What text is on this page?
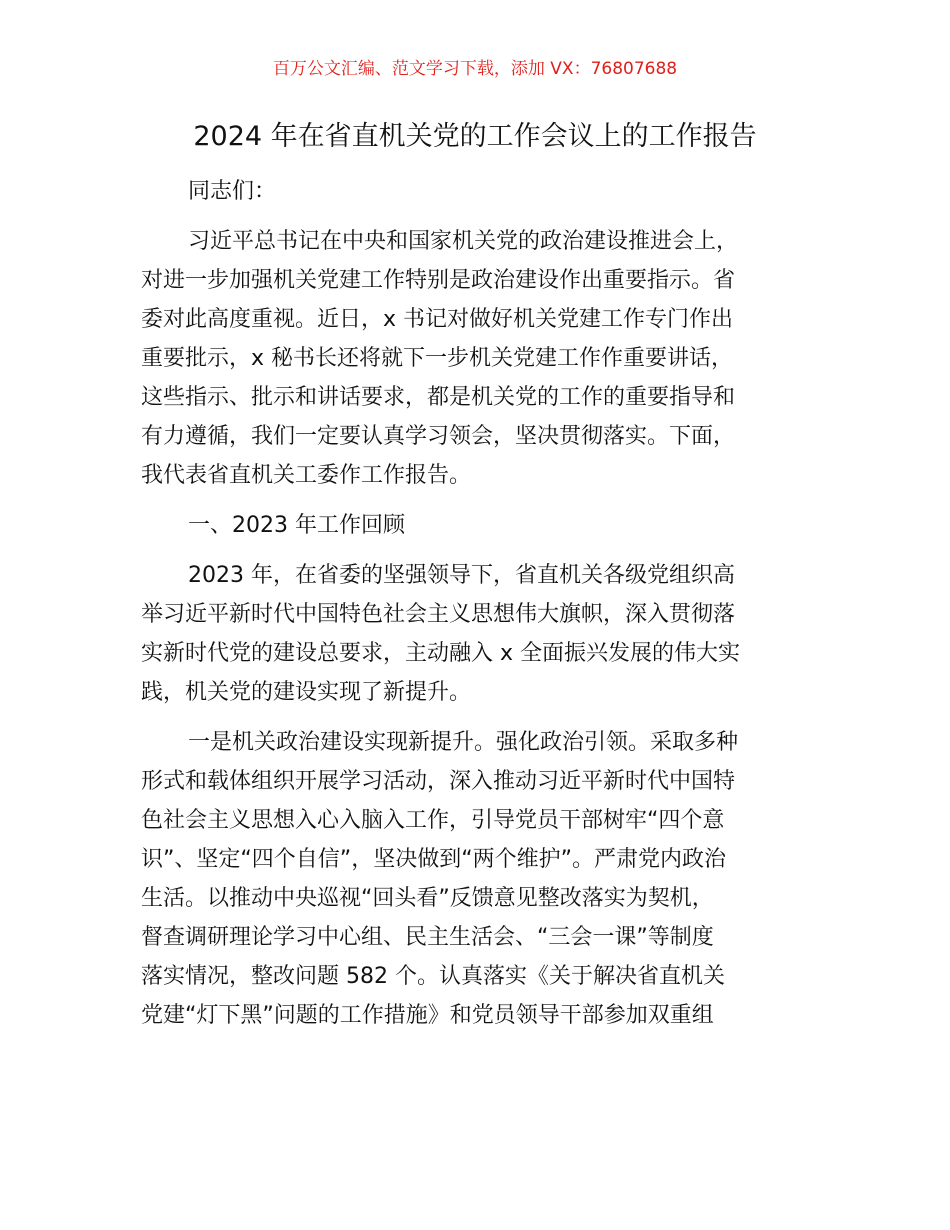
百万公文汇编、范文学习下载，添加 VX：76807688
2024 年在省直机关党的工作会议上的工作报告
同志们：
习近平总书记在中央和国家机关党的政治建设推进会上，
对进一步加强机关党建工作特别是政治建设作出重要指示。省
委对此高度重视。近日，x 书记对做好机关党建工作专门作出
重要批示，x 秘书长还将就下一步机关党建工作作重要讲话，
这些指示、批示和讲话要求，都是机关党的工作的重要指导和
有力遵循，我们一定要认真学习领会，坚决贯彻落实。下面，
我代表省直机关工委作工作报告。
一、2023 年工作回顾
2023 年，在省委的坚强领导下，省直机关各级党组织高
举习近平新时代中国特色社会主义思想伟大旗帜，深入贯彻落
实新时代党的建设总要求，主动融入 x 全面振兴发展的伟大实
践，机关党的建设实现了新提升。
一是机关政治建设实现新提升。强化政治引领。采取多种
形式和载体组织开展学习活动，深入推动习近平新时代中国特
色社会主义思想入心入脑入工作，引导党员干部树牢“四个意
识”、坚定“四个自信”，坚决做到“两个维护”。严肃党内政治
生活。以推动中央巡视“回头看”反馈意见整改落实为契机，
督查调研理论学习中心组、民主生活会、“三会一课”等制度
落实情况，整改问题 582 个。认真落实《关于解决省直机关
党建“灯下黑”问题的工作措施》和党员领导干部参加双重组
